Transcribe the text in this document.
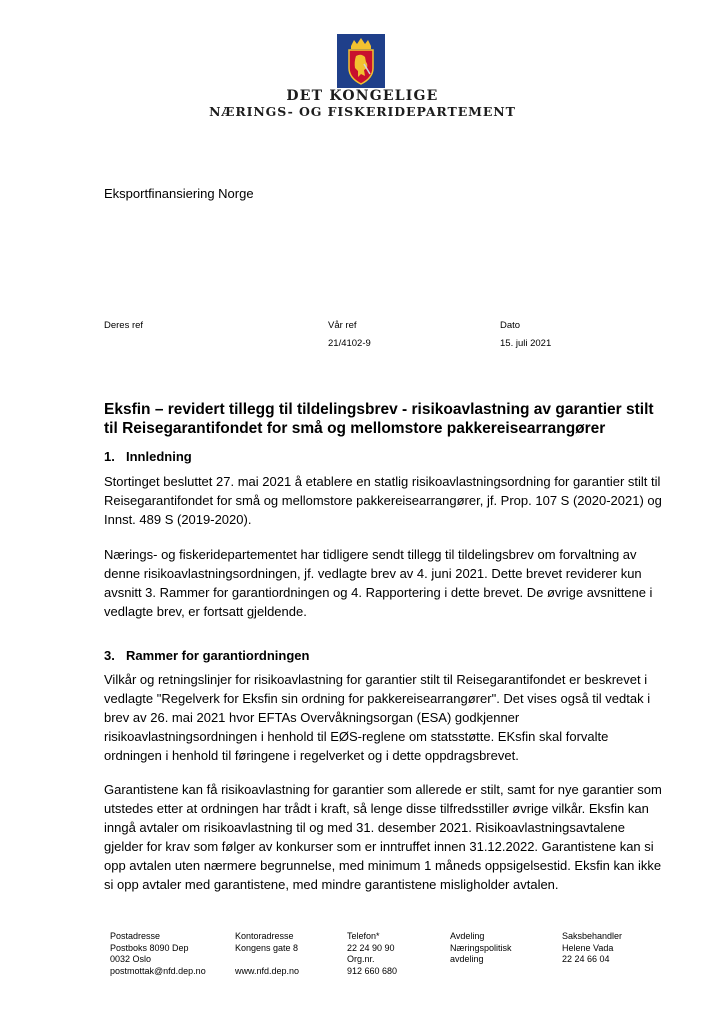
DET KONGELIGE
NÆRINGS- OG FISKERIDEPARTEMENT
Eksportfinansiering Norge
Deres ref	Vår ref
21/4102-9
Dato
15. juli 2021
Eksfin – revidert tillegg til tildelingsbrev - risikoavlastning av garantier stilt til Reisegarantifondet for små og mellomstore pakkereisearrangører
1. Innledning

Stortinget besluttet 27. mai 2021 å etablere en statlig risikoavlastningsordning for garantier stilt til Reisegarantifondet for små og mellomstore pakkereisearrangører, jf. Prop. 107 S (2020-2021) og Innst. 489 S (2019-2020).

Nærings- og fiskeridepartementet har tidligere sendt tillegg til tildelingsbrev om forvaltning av denne risikoavlastningsordningen, jf. vedlagte brev av 4. juni 2021. Dette brevet reviderer kun avsnitt 3. Rammer for garantiordningen og 4. Rapportering i dette brevet. De øvrige avsnittene i vedlagte brev, er fortsatt gjeldende.

3. Rammer for garantiordningen

Vilkår og retningslinjer for risikoavlastning for garantier stilt til Reisegarantifondet er beskrevet i vedlagte "Regelverk for Eksfin sin ordning for pakkereisearrangører". Det vises også til vedtak i brev av 26. mai 2021 hvor EFTAs Overvåkningsorgan (ESA) godkjenner risikoavlastningsordningen i henhold til EØS-reglene om statsstøtte. EKsfin skal forvalte ordningen i henhold til føringene i regelverket og i dette oppdragsbrevet.

Garantistene kan få risikoavlastning for garantier som allerede er stilt, samt for nye garantier som utstedes etter at ordningen har trådt i kraft, så lenge disse tilfredsstiller øvrige vilkår. Eksfin kan inngå avtaler om risikoavlastning til og med 31. desember 2021. Risikoavlastningsavtalene gjelder for krav som følger av konkurser som er inntruffet innen 31.12.2022. Garantistene kan si opp avtalen uten nærmere begrunnelse, med minimum 1 måneds oppsigelsestid. Eksfin kan ikke si opp avtaler med garantistene, med mindre garantistene misligholder avtalen.

Postadresse
Postboks 8090 Dep
0032 Oslo
postmottak@nfd.dep.no
Kontoradresse
Kongens gate 8

www.nfd.dep.no
Telefon*
22 24 90 90
Org.nr.
912 660 680
Avdeling
Næringspolitisk
avdeling
Saksbehandler
Helene Vada
22 24 66 04
